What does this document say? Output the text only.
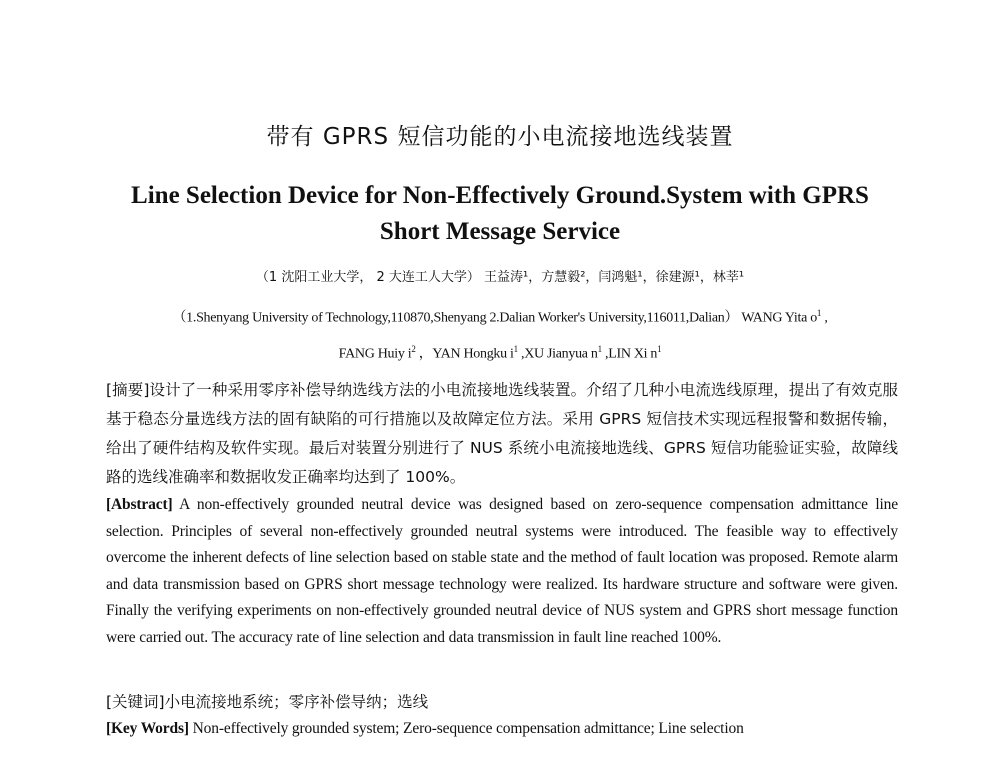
带有 GPRS 短信功能的小电流接地选线装置
Line Selection Device for Non-Effectively Ground.System with GPRS Short Message Service
（1 沈阳工业大学， 2 大连工人大学） 王益涛¹，方慧毅²，闫鸿魁¹，徐建源¹，林莘¹
（1.Shenyang University of Technology,110870,Shenyang 2.Dalian Worker's University,116011,Dalian） WANG Yita $o^1$ ,
FANG Huiy $i^2$ ，YAN Hongku $i^1$ ,XU Jianyua $n^1$ ,LIN Xi $n^1$
[摘要]设计了一种采用零序补偿导纳选线方法的小电流接地选线装置。介绍了几种小电流选线原理，提出了有效克服基于稳态分量选线方法的固有缺陷的可行措施以及故障定位方法。采用 GPRS 短信技术实现远程报警和数据传输，给出了硬件结构及软件实现。最后对装置分别进行了 NUS 系统小电流接地选线、GPRS 短信功能验证实验，故障线路的选线准确率和数据收发正确率均达到了 100%。
[Abstract] A non-effectively grounded neutral device was designed based on zero-sequence compensation admittance line selection. Principles of several non-effectively grounded neutral systems were introduced. The feasible way to effectively overcome the inherent defects of line selection based on stable state and the method of fault location was proposed. Remote alarm and data transmission based on GPRS short message technology were realized. Its hardware structure and software were given. Finally the verifying experiments on non-effectively grounded neutral device of NUS system and GPRS short message function were carried out. The accuracy rate of line selection and data transmission in fault line reached 100%.
[关键词]小电流接地系统；零序补偿导纳；选线
[Key Words] Non-effectively grounded system; Zero-sequence compensation admittance; Line selection
